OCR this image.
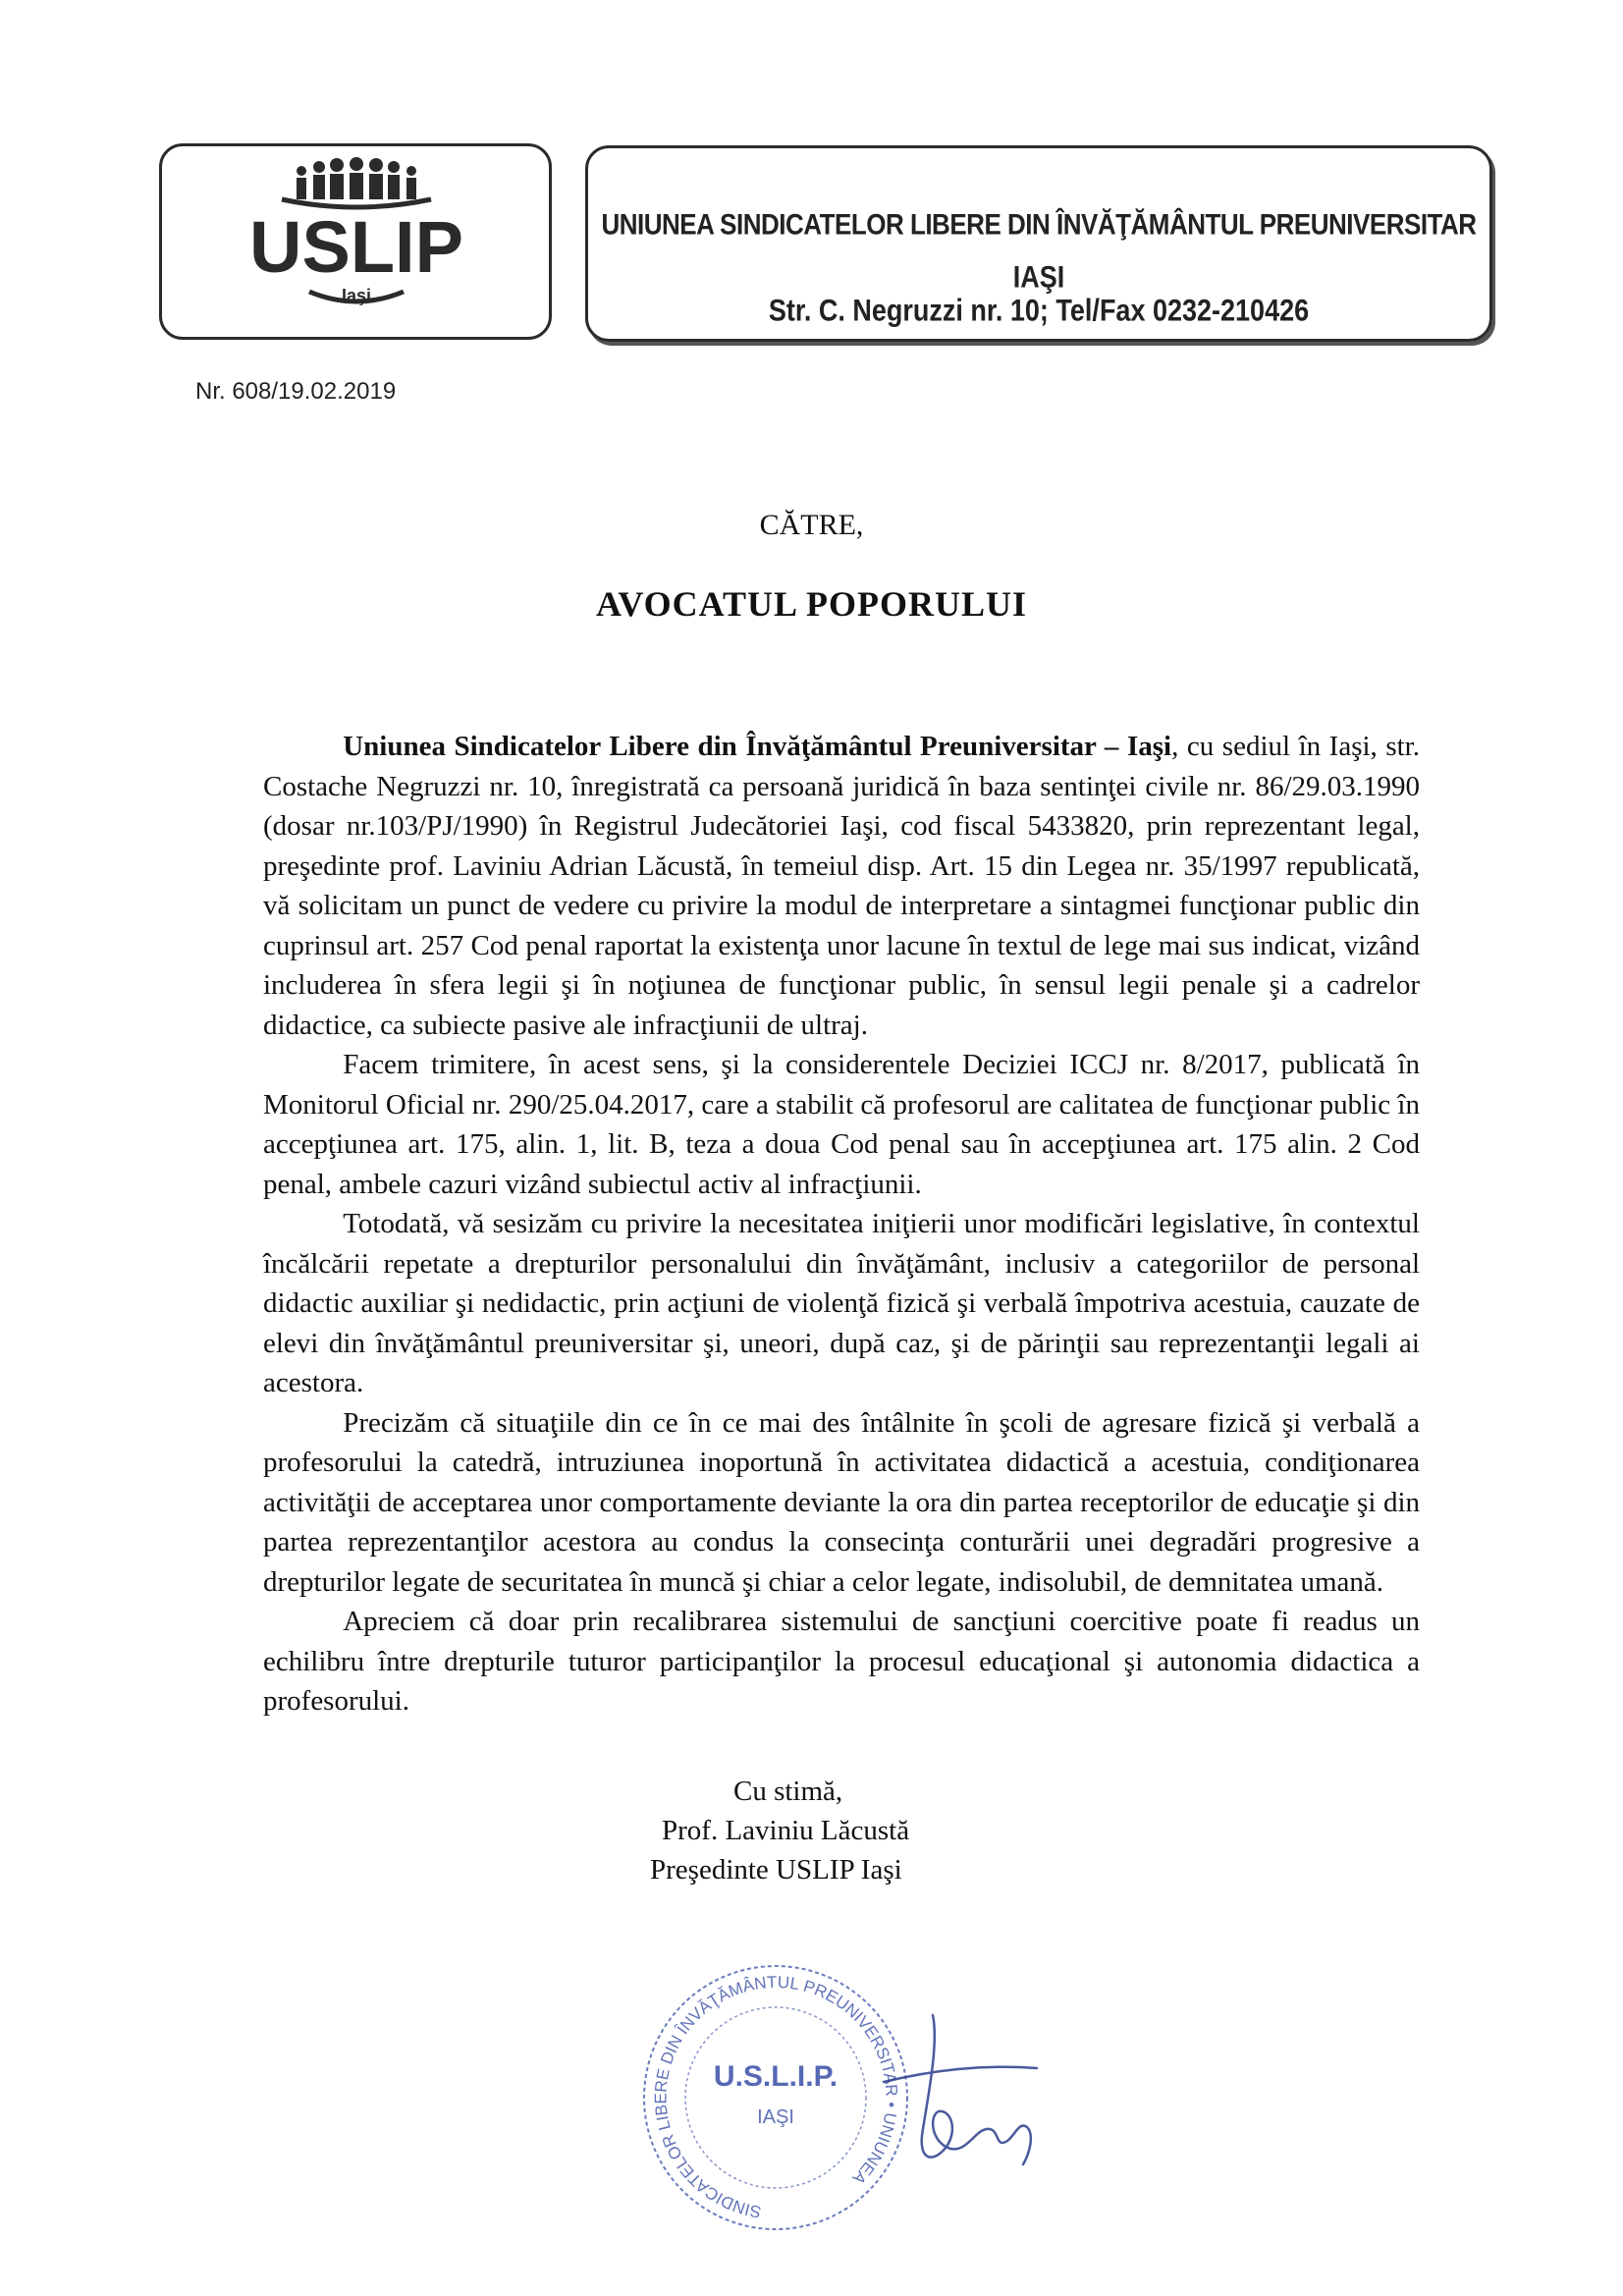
USLIP
Iaşi
UNIUNEA SINDICATELOR LIBERE DIN ÎNVĂŢĂMÂNTUL PREUNIVERSITAR
IAŞI
Str. C. Negruzzi nr. 10; Tel/Fax 0232-210426
Nr. 608/19.02.2019
CĂTRE,
AVOCATUL POPORULUI

Uniunea Sindicatelor Libere din Învăţământul Preuniversitar – Iaşi, cu sediul în Iaşi, str. Costache Negruzzi nr. 10, înregistrată ca persoană juridică în baza sentinţei civile nr. 86/29.03.1990 (dosar nr.103/PJ/1990) în Registrul Judecătoriei Iaşi, cod fiscal 5433820, prin reprezentant legal, preşedinte prof. Laviniu Adrian Lăcustă, în temeiul disp. Art. 15 din Legea nr. 35/1997 republicată, vă solicitam un punct de vedere cu privire la modul de interpretare a sintagmei funcţionar public din cuprinsul art. 257 Cod penal raportat la existenţa unor lacune în textul de lege mai sus indicat, vizând includerea în sfera legii şi în noţiunea de funcţionar public, în sensul legii penale şi a cadrelor didactice, ca subiecte pasive ale infracţiunii de ultraj.

Facem trimitere, în acest sens, şi la considerentele Deciziei ICCJ nr. 8/2017, publicată în Monitorul Oficial nr. 290/25.04.2017, care a stabilit că profesorul are calitatea de funcţionar public în accepţiunea art. 175, alin. 1, lit. B, teza a doua Cod penal sau în accepţiunea art. 175 alin. 2 Cod penal, ambele cazuri vizând subiectul activ al infracţiunii.

Totodată, vă sesizăm cu privire la necesitatea iniţierii unor modificări legislative, în contextul încălcării repetate a drepturilor personalului din învăţământ, inclusiv a categoriilor de personal didactic auxiliar şi nedidactic, prin acţiuni de violenţă fizică şi verbală împotriva acestuia, cauzate de elevi din învăţământul preuniversitar şi, uneori, după caz, şi de părinţii sau reprezentanţii legali ai acestora.

Precizăm că situaţiile din ce în ce mai des întâlnite în şcoli de agresare fizică şi verbală a profesorului la catedră, intruziunea inoportună în activitatea didactică a acestuia, condiţionarea activităţii de acceptarea unor comportamente deviante la ora din partea receptorilor de educaţie şi din partea reprezentanţilor acestora au condus la consecinţa conturării unei degradări progresive a drepturilor legate de securitatea în muncă şi chiar a celor legate, indisolubil, de demnitatea umană.

Apreciem că doar prin recalibrarea sistemului de sancţiuni coercitive poate fi readus un echilibru între drepturile tuturor participanţilor la procesul educaţional şi autonomia didactica a profesorului.

Cu stimă,
Prof. Laviniu Lăcustă
Preşedinte USLIP Iaşi
SINDICATELOR LIBERE DIN ÎNVĂŢĂMÂNTUL PREUNIVERSITAR • UNIUNEA
U.S.L.I.P.
IAŞI
